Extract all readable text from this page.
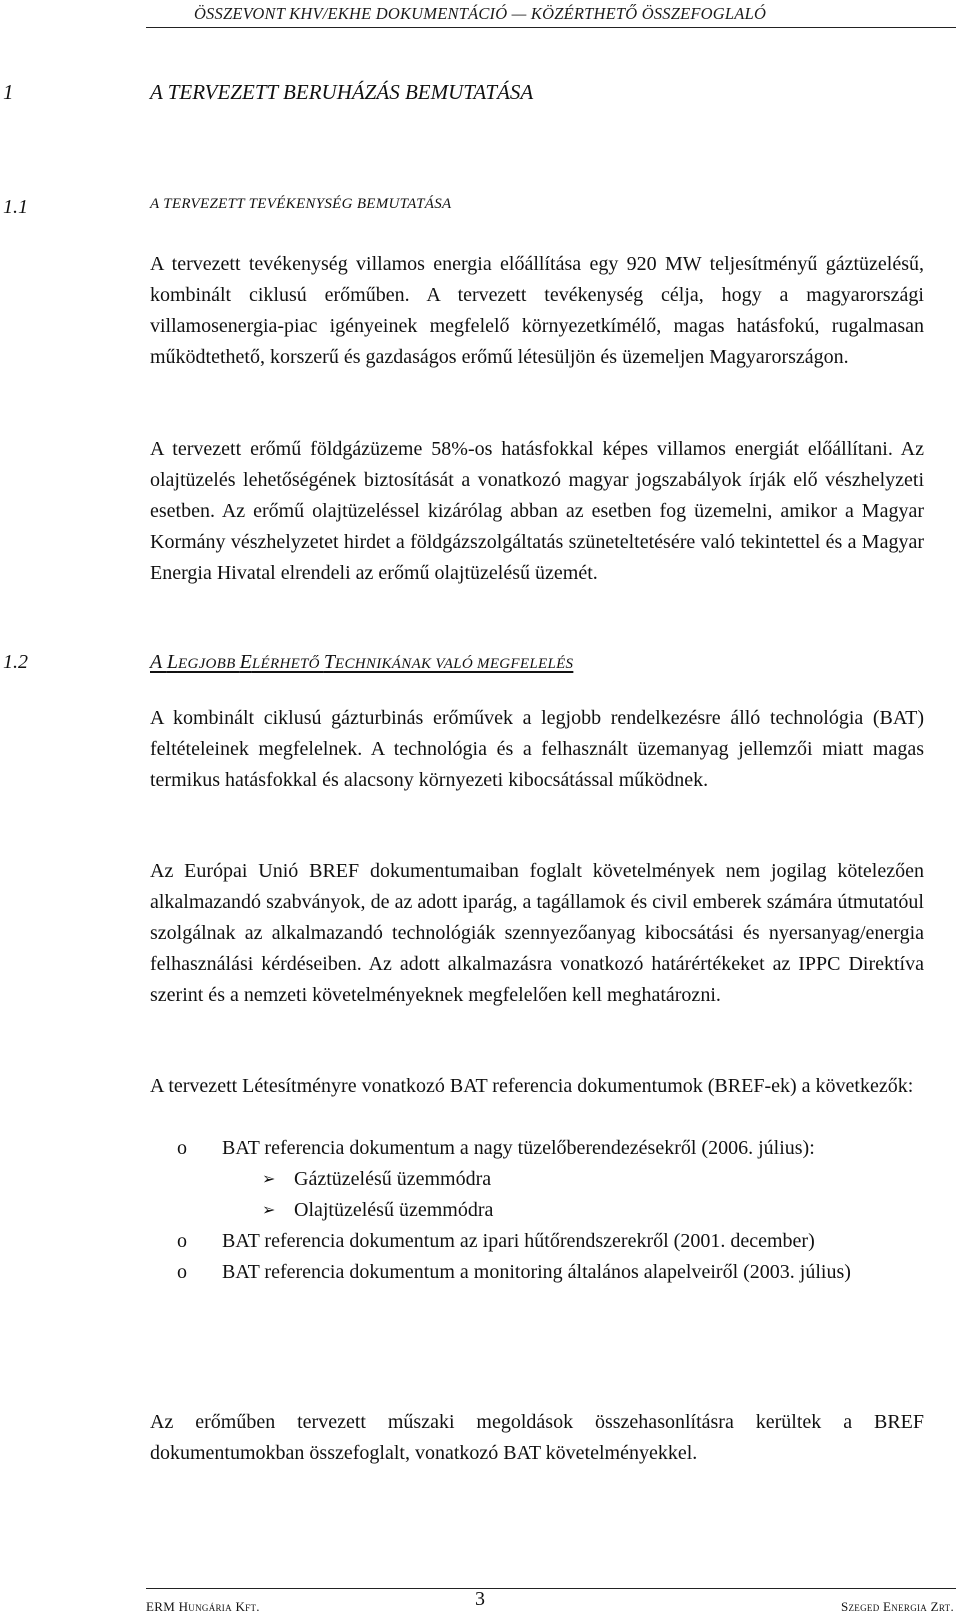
ÖSSZEVONT KHV/EKHE DOKUMENTÁCIÓ — KÖZÉRTHETŐ ÖSSZEFOGLALÓ
1	A TERVEZETT BERUHÁZÁS BEMUTATÁSA
1.1	A TERVEZETT TEVÉKENYSÉG BEMUTATÁSA

A tervezett tevékenység villamos energia előállítása egy 920 MW teljesítményű gáztüzelésű, kombinált ciklusú erőműben. A tervezett tevékenység célja, hogy a magyarországi villamosenergia-piac igényeinek megfelelő környezetkímélő, magas hatásfokú, rugalmasan működtethető, korszerű és gazdaságos erőmű létesüljön és üzemeljen Magyarországon.

A tervezett erőmű földgázüzeme 58%-os hatásfokkal képes villamos energiát előállítani. Az olajtüzelés lehetőségének biztosítását a vonatkozó magyar jogszabályok írják elő vészhelyzeti esetben. Az erőmű olajtüzeléssel kizárólag abban az esetben fog üzemelni, amikor a Magyar Kormány vészhelyzetet hirdet a földgázszolgáltatás szüneteltetésére való tekintettel és a Magyar Energia Hivatal elrendeli az erőmű olajtüzelésű üzemét.

1.2	A LEGJOBB ELÉRHETŐ TECHNIKÁNAK VALÓ MEGFELELÉS

A kombinált ciklusú gázturbinás erőművek a legjobb rendelkezésre álló technológia (BAT) feltételeinek megfelelnek. A technológia és a felhasznált üzemanyag jellemzői miatt magas termikus hatásfokkal és alacsony környezeti kibocsátással működnek.

Az Európai Unió BREF dokumentumaiban foglalt követelmények nem jogilag kötelezően alkalmazandó szabványok, de az adott iparág, a tagállamok és civil emberek számára útmutatóul szolgálnak az alkalmazandó technológiák szennyezőanyag kibocsátási és nyersanyag/energia felhasználási kérdéseiben. Az adott alkalmazásra vonatkozó határértékeket az IPPC Direktíva szerint és a nemzeti követelményeknek megfelelően kell meghatározni.

A tervezett Létesítményre vonatkozó BAT referencia dokumentumok (BREF-ek) a következők:

o BAT referencia dokumentum a nagy tüzelőberendezésekről (2006. július):
➢ Gáztüzelésű üzemmódra
➢ Olajtüzelésű üzemmódra
o BAT referencia dokumentum az ipari hűtőrendszerekről (2001. december)
o BAT referencia dokumentum a monitoring általános alapelveiről (2003. július)

Az erőműben tervezett műszaki megoldások összehasonlításra kerültek a BREF dokumentumokban összefoglalt, vonatkozó BAT követelményekkel.

ERM Hungária Kft.	3	Szeged Energia Zrt.
